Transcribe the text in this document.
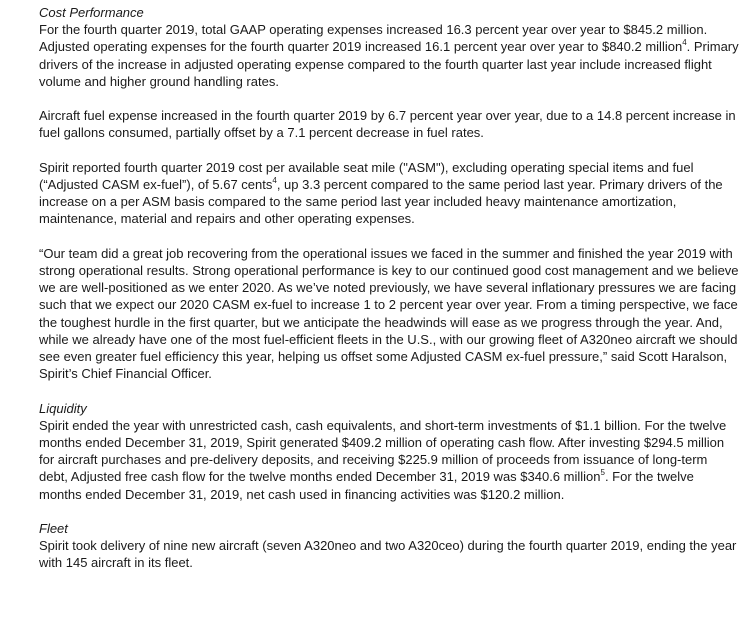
Cost Performance

For the fourth quarter 2019, total GAAP operating expenses increased 16.3 percent year over year to $845.2 million. Adjusted operating expenses for the fourth quarter 2019 increased 16.1 percent year over year to $840.2 million$^4$. Primary drivers of the increase in adjusted operating expense compared to the fourth quarter last year include increased flight volume and higher ground handling rates.

Aircraft fuel expense increased in the fourth quarter 2019 by 6.7 percent year over year, due to a 14.8 percent increase in fuel gallons consumed, partially offset by a 7.1 percent decrease in fuel rates.

Spirit reported fourth quarter 2019 cost per available seat mile ("ASM"), excluding operating special items and fuel (“Adjusted CASM ex-fuel”), of 5.67 cents$^4$, up 3.3 percent compared to the same period last year. Primary drivers of the increase on a per ASM basis compared to the same period last year included heavy maintenance amortization, maintenance, material and repairs and other operating expenses.

“Our team did a great job recovering from the operational issues we faced in the summer and finished the year 2019 with strong operational results. Strong operational performance is key to our continued good cost management and we believe we are well-positioned as we enter 2020. As we’ve noted previously, we have several inflationary pressures we are facing such that we expect our 2020 CASM ex-fuel to increase 1 to 2 percent year over year. From a timing perspective, we face the toughest hurdle in the first quarter, but we anticipate the headwinds will ease as we progress through the year. And, while we already have one of the most fuel-efficient fleets in the U.S., with our growing fleet of A320neo aircraft we should see even greater fuel efficiency this year, helping us offset some Adjusted CASM ex-fuel pressure,” said Scott Haralson, Spirit’s Chief Financial Officer.

Liquidity

Spirit ended the year with unrestricted cash, cash equivalents, and short-term investments of $1.1 billion. For the twelve months ended December 31, 2019, Spirit generated $409.2 million of operating cash flow. After investing $294.5 million for aircraft purchases and pre-delivery deposits, and receiving $225.9 million of proceeds from issuance of long-term debt, Adjusted free cash flow for the twelve months ended December 31, 2019 was $340.6 million$^5$. For the twelve months ended December 31, 2019, net cash used in financing activities was $120.2 million.

Fleet

Spirit took delivery of nine new aircraft (seven A320neo and two A320ceo) during the fourth quarter 2019, ending the year with 145 aircraft in its fleet.
